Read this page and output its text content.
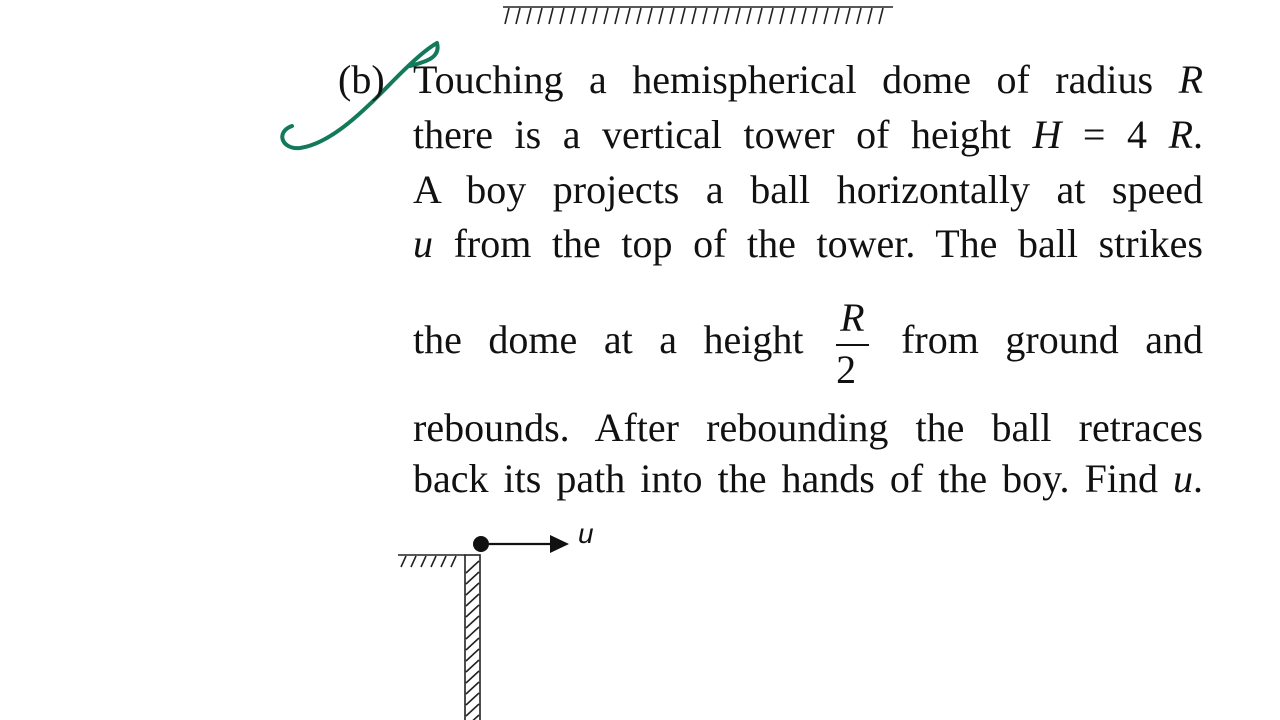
u
(b) Touching a hemispherical dome of radius R
there is a vertical tower of height H = 4 R.
A boy projects a ball horizontally at speed
u from the top of the tower. The ball strikes
the dome at a height $\frac{R}{2}$ from ground and
rebounds. After rebounding the ball retraces
back its path into the hands of the boy. Find u.
